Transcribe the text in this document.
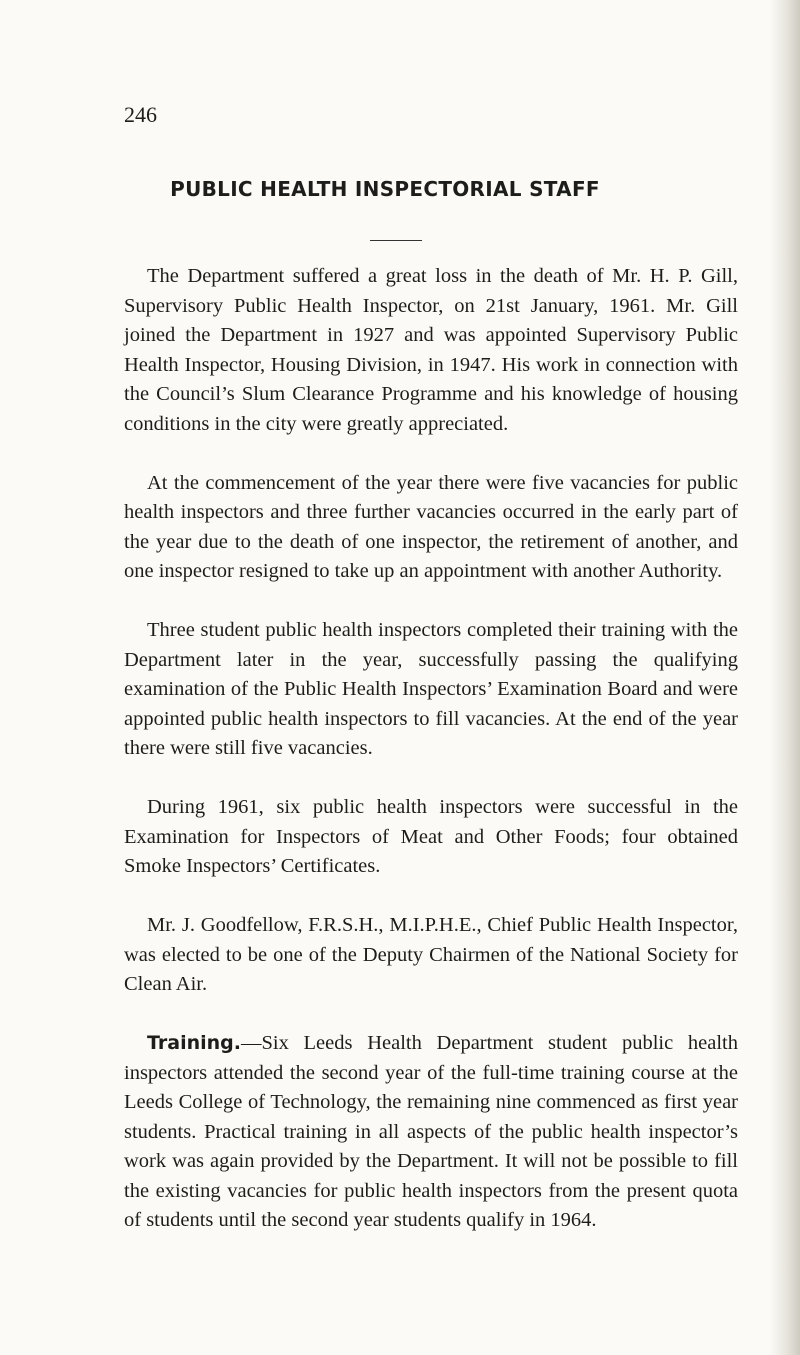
246
PUBLIC HEALTH INSPECTORIAL STAFF

The Department suffered a great loss in the death of Mr. H. P. Gill, Supervisory Public Health Inspector, on 21st January, 1961. Mr. Gill joined the Department in 1927 and was appointed Supervisory Public Health Inspector, Housing Division, in 1947. His work in connection with the Council’s Slum Clearance Programme and his knowledge of housing conditions in the city were greatly appreciated.

At the commencement of the year there were five vacancies for public health inspectors and three further vacancies occurred in the early part of the year due to the death of one inspector, the retirement of another, and one inspector resigned to take up an appointment with another Authority.

Three student public health inspectors completed their training with the Department later in the year, successfully passing the qualifying examination of the Public Health Inspectors’ Examination Board and were appointed public health inspectors to fill vacancies. At the end of the year there were still five vacancies.

During 1961, six public health inspectors were successful in the Examination for Inspectors of Meat and Other Foods; four obtained Smoke Inspectors’ Certificates.

Mr. J. Goodfellow, F.R.S.H., M.I.P.H.E., Chief Public Health Inspector, was elected to be one of the Deputy Chairmen of the National Society for Clean Air.

Training.—Six Leeds Health Department student public health inspectors attended the second year of the full-time training course at the Leeds College of Technology, the remaining nine commenced as first year students. Practical training in all aspects of the public health inspector’s work was again provided by the Department. It will not be possible to fill the existing vacancies for public health inspectors from the present quota of students until the second year students qualify in 1964.
